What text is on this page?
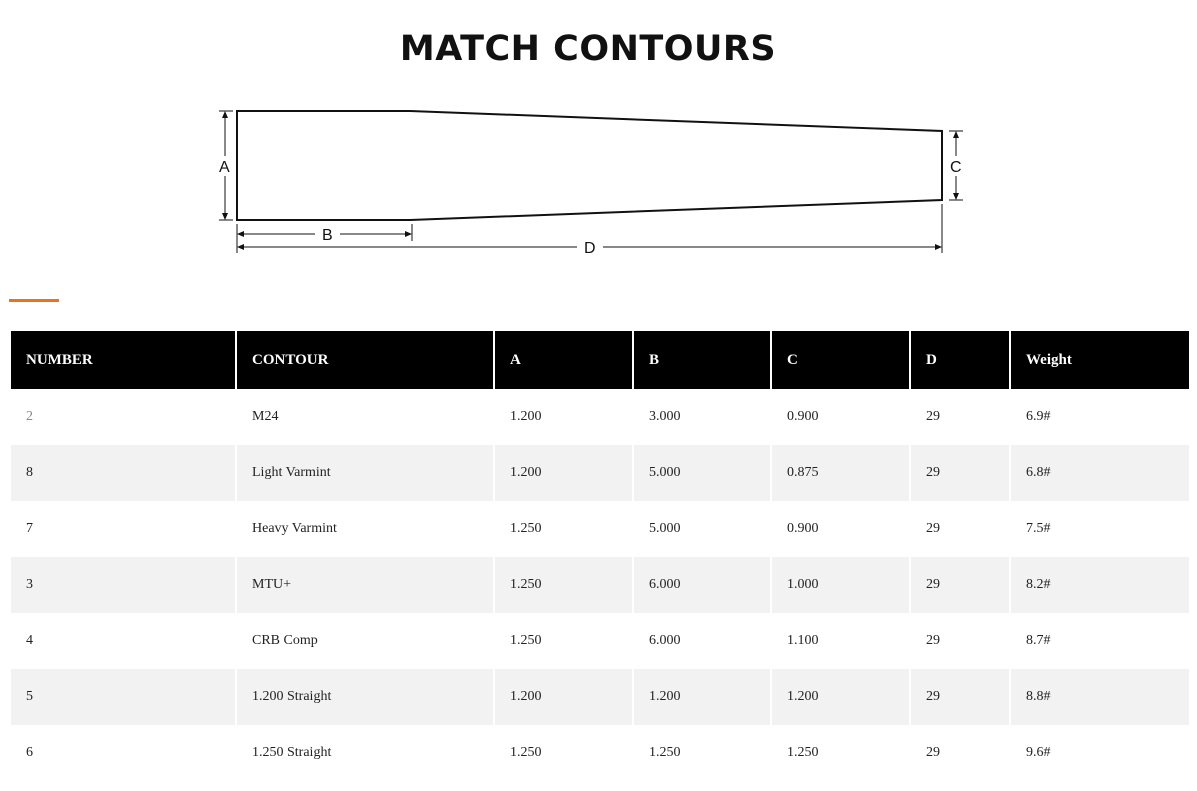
MATCH CONTOURS
A	C
B
D
NUMBER	CONTOUR	A	B	C	D	Weight
2	M24	1.200	3.000	0.900	29	6.9#
8	Light Varmint	1.200	5.000	0.875	29	6.8#
7	Heavy Varmint	1.250	5.000	0.900	29	7.5#
3	MTU+	1.250	6.000	1.000	29	8.2#
4	CRB Comp	1.250	6.000	1.100	29	8.7#
5	1.200 Straight	1.200	1.200	1.200	29	8.8#
6	1.250 Straight	1.250	1.250	1.250	29	9.6#
